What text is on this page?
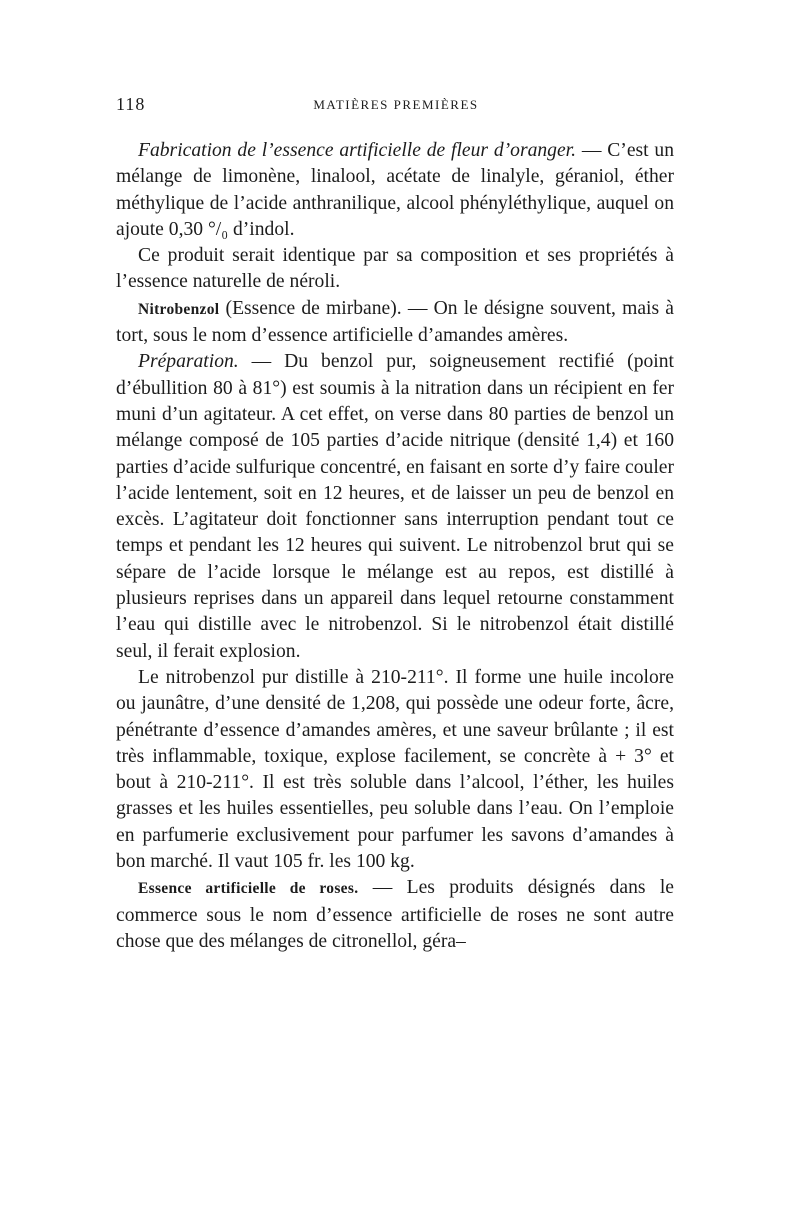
118	MATIÈRES PREMIÈRES

Fabrication de l’essence artificielle de fleur d’oranger. — C’est un mélange de limonène, linalool, acétate de linalyle, géraniol, éther méthylique de l’acide anthranilique, alcool phényléthylique, auquel on ajoute 0,30 °/₀ d’indol.

Ce produit serait identique par sa composition et ses propriétés à l’essence naturelle de néroli.

Nitrobenzol (Essence de mirbane). — On le désigne souvent, mais à tort, sous le nom d’essence artificielle d’amandes amères.

Préparation. — Du benzol pur, soigneusement rectifié (point d’ébullition 80 à 81°) est soumis à la nitration dans un récipient en fer muni d’un agitateur. A cet effet, on verse dans 80 parties de benzol un mélange composé de 105 parties d’acide nitrique (densité 1,4) et 160 parties d’acide sulfurique concentré, en faisant en sorte d’y faire couler l’acide lentement, soit en 12 heures, et de laisser un peu de benzol en excès. L’agitateur doit fonctionner sans interruption pendant tout ce temps et pendant les 12 heures qui suivent. Le nitrobenzol brut qui se sépare de l’acide lorsque le mélange est au repos, est distillé à plusieurs reprises dans un appareil dans lequel retourne constamment l’eau qui distille avec le nitrobenzol. Si le nitrobenzol était distillé seul, il ferait explosion.

Le nitrobenzol pur distille à 210-211°. Il forme une huile incolore ou jaunâtre, d’une densité de 1,208, qui possède une odeur forte, âcre, pénétrante d’essence d’amandes amères, et une saveur brûlante ; il est très inflammable, toxique, explose facilement, se concrète à + 3° et bout à 210-211°. Il est très soluble dans l’alcool, l’éther, les huiles grasses et les huiles essentielles, peu soluble dans l’eau. On l’emploie en parfumerie exclusivement pour parfumer les savons d’amandes à bon marché. Il vaut 105 fr. les 100 kg.

Essence artificielle de roses. — Les produits désignés dans le commerce sous le nom d’essence artificielle de roses ne sont autre chose que des mélanges de citronellol, géra–
